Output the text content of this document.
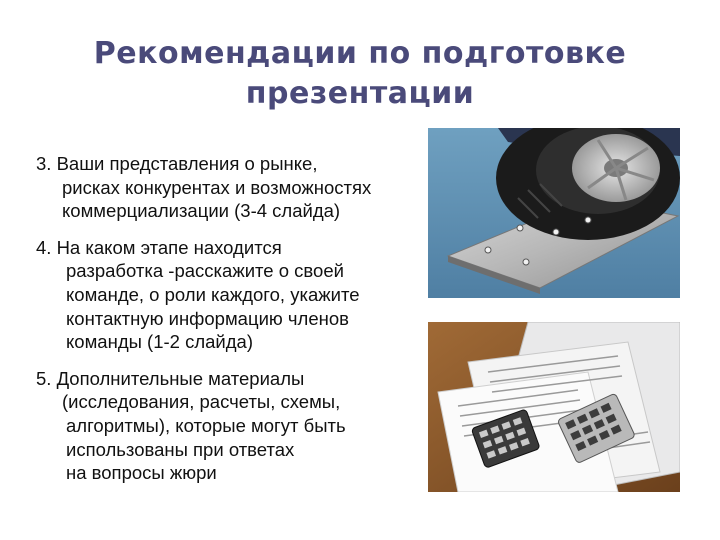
Рекомендации по подготовке
презентации
3. Ваши представления о рынке,
рисках конкурентах и возможностях
коммерциализации (3-4 слайда)
4. На каком этапе находится
разработка -расскажите о своей
команде, о роли каждого, укажите
контактную информацию членов
команды (1-2 слайда)
5. Дополнительные материалы
(исследования, расчеты, схемы,
алгоритмы), которые могут быть
использованы при ответах
на вопросы жюри
